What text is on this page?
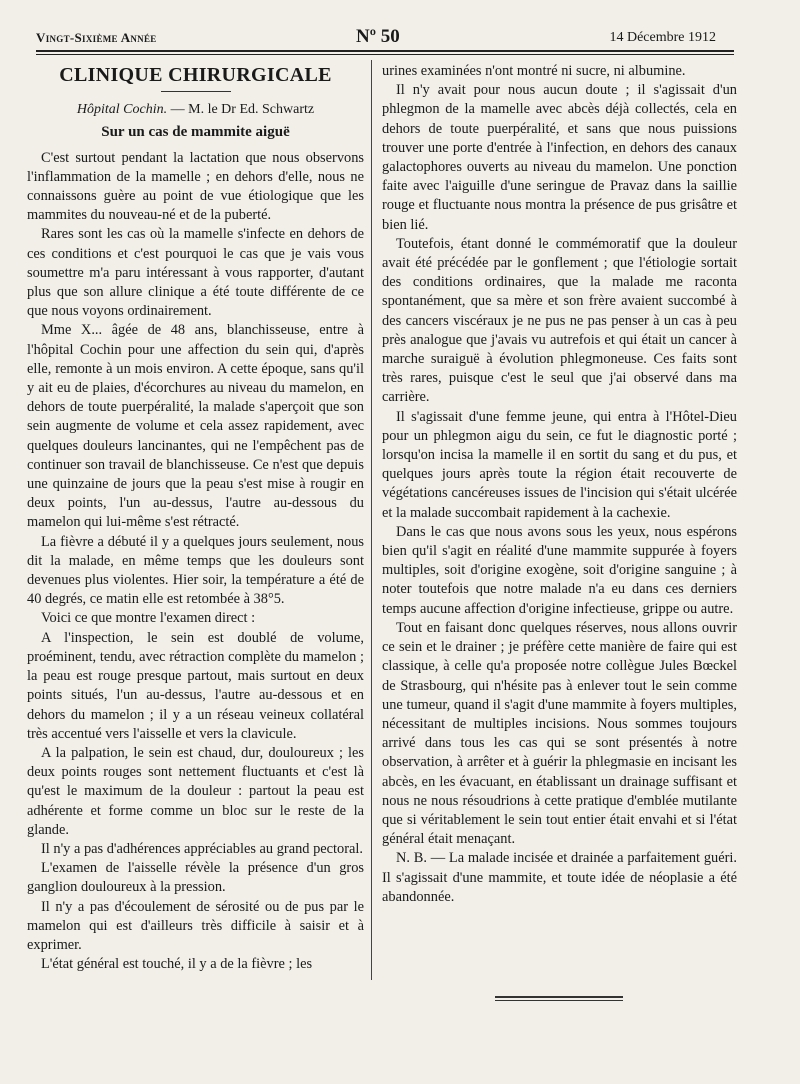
Vingt-Sixième Année	Nº 50	14 Décembre 1912
CLINIQUE CHIRURGICALE
Hôpital Cochin. — M. le Dr Ed. Schwartz
Sur un cas de mammite aiguë

C'est surtout pendant la lactation que nous observons l'inflammation de la mamelle ; en dehors d'elle, nous ne connaissons guère au point de vue étiologique que les mammites du nouveau-né et de la puberté.

Rares sont les cas où la mamelle s'infecte en dehors de ces conditions et c'est pourquoi le cas que je vais vous soumettre m'a paru intéressant à vous rapporter, d'autant plus que son allure clinique a été toute différente de ce que nous voyons ordinairement.

Mme X... âgée de 48 ans, blanchisseuse, entre à l'hôpital Cochin pour une affection du sein qui, d'après elle, remonte à un mois environ. A cette époque, sans qu'il y ait eu de plaies, d'écorchures au niveau du mamelon, en dehors de toute puerpéralité, la malade s'aperçoit que son sein augmente de volume et cela assez rapidement, avec quelques douleurs lancinantes, qui ne l'empêchent pas de continuer son travail de blanchisseuse. Ce n'est que depuis une quinzaine de jours que la peau s'est mise à rougir en deux points, l'un au-dessus, l'autre au-dessous du mamelon qui lui-même s'est rétracté.

La fièvre a débuté il y a quelques jours seulement, nous dit la malade, en même temps que les douleurs sont devenues plus violentes. Hier soir, la température a été de 40 degrés, ce matin elle est retombée à 38°5.

Voici ce que montre l'examen direct :

A l'inspection, le sein est doublé de volume, proéminent, tendu, avec rétraction complète du mamelon ; la peau est rouge presque partout, mais surtout en deux points situés, l'un au-dessus, l'autre au-dessous et en dehors du mamelon ; il y a un réseau veineux collatéral très accentué vers l'aisselle et vers la clavicule.

A la palpation, le sein est chaud, dur, douloureux ; les deux points rouges sont nettement fluctuants et c'est là qu'est le maximum de la douleur : partout la peau est adhérente et forme comme un bloc sur le reste de la glande.

Il n'y a pas d'adhérences appréciables au grand pectoral.

L'examen de l'aisselle révèle la présence d'un gros ganglion douloureux à la pression.

Il n'y a pas d'écoulement de sérosité ou de pus par le mamelon qui est d'ailleurs très difficile à saisir et à exprimer.

L'état général est touché, il y a de la fièvre ; les

urines examinées n'ont montré ni sucre, ni albumine.

Il n'y avait pour nous aucun doute ; il s'agissait d'un phlegmon de la mamelle avec abcès déjà collectés, cela en dehors de toute puerpéralité, et sans que nous puissions trouver une porte d'entrée à l'infection, en dehors des canaux galactophores ouverts au niveau du mamelon. Une ponction faite avec l'aiguille d'une seringue de Pravaz dans la saillie rouge et fluctuante nous montra la présence de pus grisâtre et bien lié.

Toutefois, étant donné le commémoratif que la douleur avait été précédée par le gonflement ; que l'étiologie sortait des conditions ordinaires, que la malade me raconta spontanément, que sa mère et son frère avaient succombé à des cancers viscéraux je ne pus ne pas penser à un cas à peu près analogue que j'avais vu autrefois et qui était un cancer à marche suraiguë à évolution phlegmoneuse. Ces faits sont très rares, puisque c'est le seul que j'ai observé dans ma carrière.

Il s'agissait d'une femme jeune, qui entra à l'Hôtel-Dieu pour un phlegmon aigu du sein, ce fut le diagnostic porté ; lorsqu'on incisa la mamelle il en sortit du sang et du pus, et quelques jours après toute la région était recouverte de végétations cancéreuses issues de l'incision qui s'était ulcérée et la malade succombait rapidement à la cachexie.

Dans le cas que nous avons sous les yeux, nous espérons bien qu'il s'agit en réalité d'une mammite suppurée à foyers multiples, soit d'origine exogène, soit d'origine sanguine ; à noter toutefois que notre malade n'a eu dans ces derniers temps aucune affection d'origine infectieuse, grippe ou autre.

Tout en faisant donc quelques réserves, nous allons ouvrir ce sein et le drainer ; je préfère cette manière de faire qui est classique, à celle qu'a proposée notre collègue Jules Bœckel de Strasbourg, qui n'hésite pas à enlever tout le sein comme une tumeur, quand il s'agit d'une mammite à foyers multiples, nécessitant de multiples incisions. Nous sommes toujours arrivé dans tous les cas qui se sont présentés à notre observation, à arrêter et à guérir la phlegmasie en incisant les abcès, en les évacuant, en établissant un drainage suffisant et nous ne nous résoudrions à cette pratique d'emblée mutilante que si véritablement le sein tout entier était envahi et si l'état général était menaçant.

N. B. — La malade incisée et drainée a parfaitement guéri. Il s'agissait d'une mammite, et toute idée de néoplasie a été abandonnée.
